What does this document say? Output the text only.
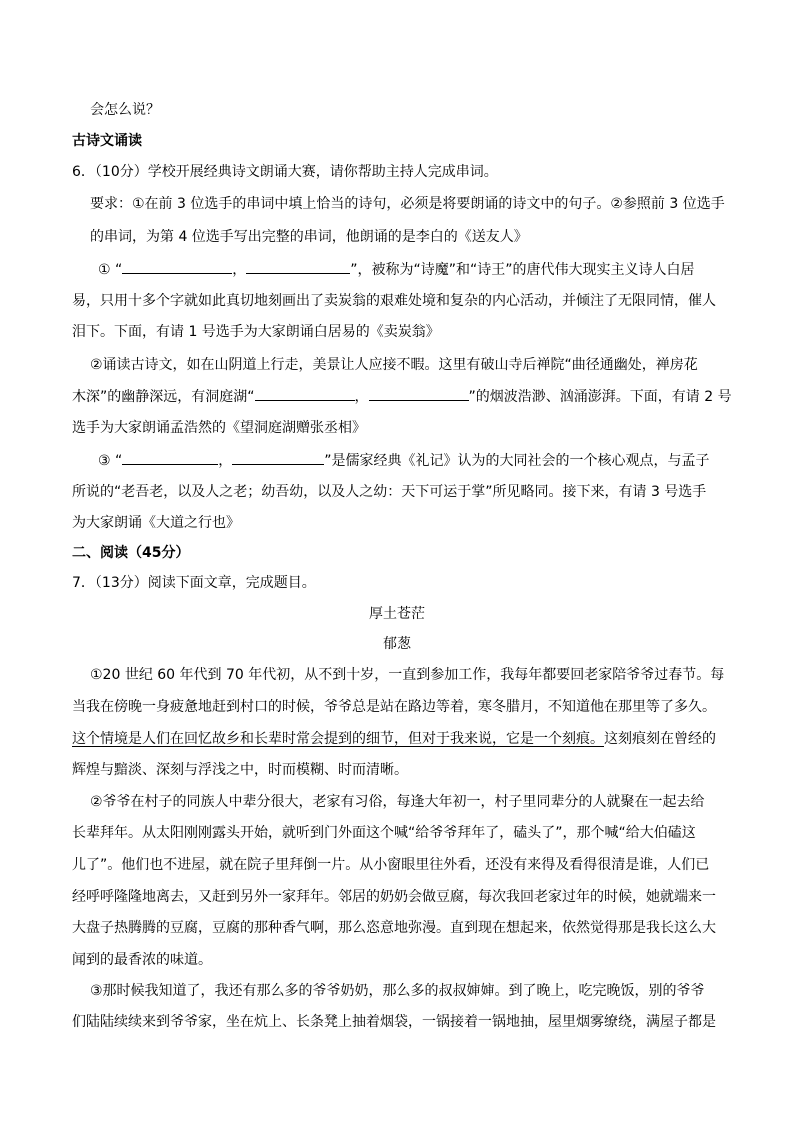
会怎么说？
古诗文诵读
6．（10分）学校开展经典诗文朗诵大赛，请你帮助主持人完成串词。
要求：①在前 3 位选手的串词中填上恰当的诗句，必须是将要朗诵的诗文中的句子。②参照前 3 位选手
的串词，为第 4 位选手写出完整的串词，他朗诵的是李白的《送友人》
① “	，	”，被称为“诗魔”和“诗王”的唐代伟大现实主义诗人白居
易，只用十多个字就如此真切地刻画出了卖炭翁的艰难处境和复杂的内心活动，并倾注了无限同情，催人
泪下。下面，有请 1 号选手为大家朗诵白居易的《卖炭翁》
②诵读古诗文，如在山阴道上行走，美景让人应接不暇。这里有破山寺后禅院“曲径通幽处，禅房花
木深”的幽静深远，有洞庭湖“	，	”的烟波浩渺、汹涌澎湃。下面，有请 2 号
选手为大家朗诵孟浩然的《望洞庭湖赠张丞相》
③ “	，	”是儒家经典《礼记》认为的大同社会的一个核心观点，与孟子
所说的“老吾老，以及人之老；幼吾幼，以及人之幼：天下可运于掌”所见略同。接下来，有请 3 号选手
为大家朗诵《大道之行也》
二、阅读（45分）
7．（13分）阅读下面文章，完成题目。
厚土苍茫
郁葱
①20 世纪 60 年代到 70 年代初，从不到十岁，一直到参加工作，我每年都要回老家陪爷爷过春节。每
当我在傍晚一身疲惫地赶到村口的时候，爷爷总是站在路边等着，寒冬腊月，不知道他在那里等了多久。
这个情境是人们在回忆故乡和长辈时常会提到的细节，但对于我来说，它是一个刻痕。这刻痕刻在曾经的
辉煌与黯淡、深刻与浮浅之中，时而模糊、时而清晰。
②爷爷在村子的同族人中辈分很大，老家有习俗，每逢大年初一，村子里同辈分的人就聚在一起去给
长辈拜年。从太阳刚刚露头开始，就听到门外面这个喊“给爷爷拜年了，磕头了”，那个喊“给大伯磕这
儿了”。他们也不进屋，就在院子里拜倒一片。从小窗眼里往外看，还没有来得及看得很清是谁，人们已
经呼呼隆隆地离去，又赶到另外一家拜年。邻居的奶奶会做豆腐，每次我回老家过年的时候，她就端来一
大盘子热腾腾的豆腐，豆腐的那种香气啊，那么恣意地弥漫。直到现在想起来，依然觉得那是我长这么大
闻到的最香浓的味道。
③那时候我知道了，我还有那么多的爷爷奶奶，那么多的叔叔婶婶。到了晚上，吃完晚饭，别的爷爷
们陆陆续续来到爷爷家，坐在炕上、长条凳上抽着烟袋，一锅接着一锅地抽，屋里烟雾缭绕，满屋子都是
